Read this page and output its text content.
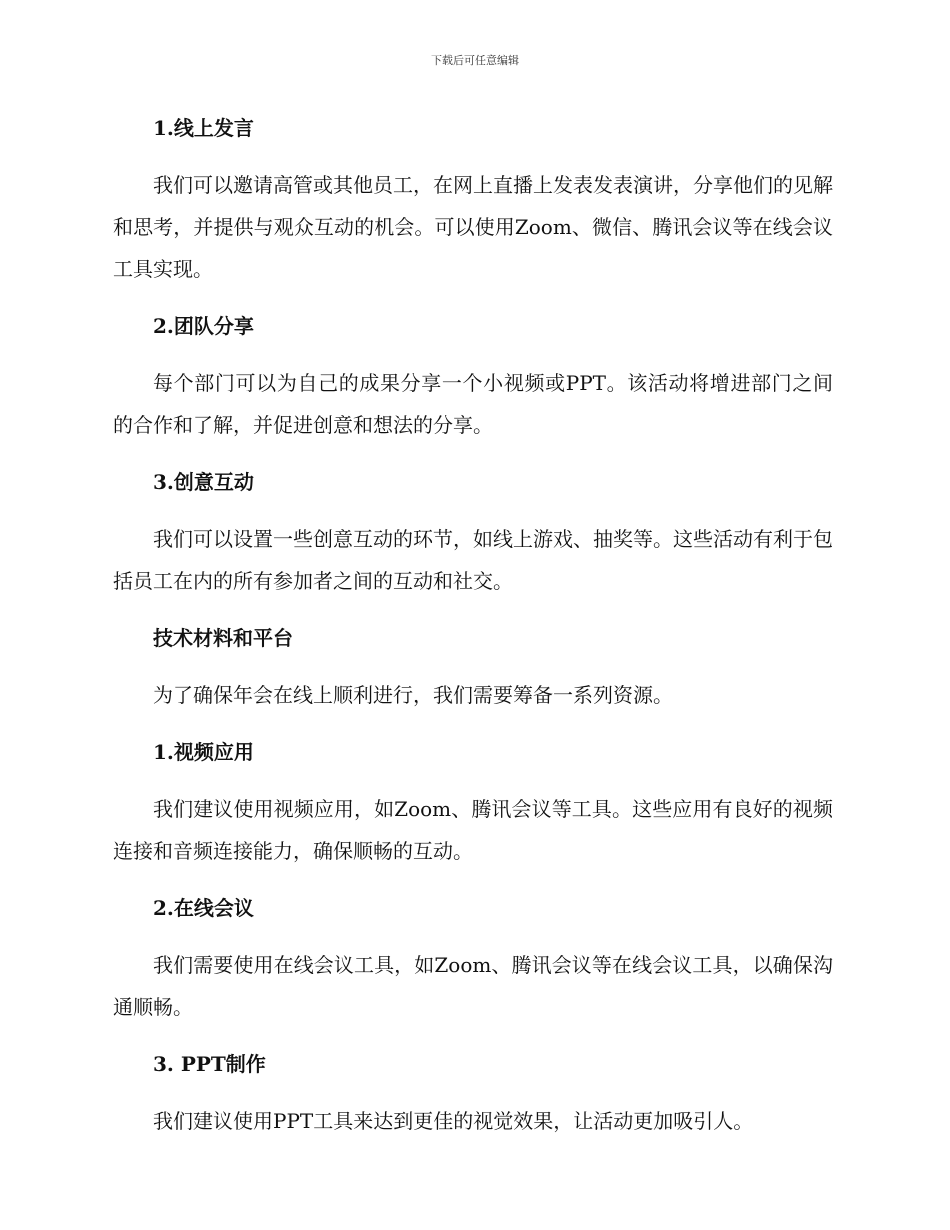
下载后可任意编辑
1.线上发言
我们可以邀请高管或其他员工，在网上直播上发表发表演讲，分享他们的见解和思考，并提供与观众互动的机会。可以使用Zoom、微信、腾讯会议等在线会议工具实现。
2.团队分享
每个部门可以为自己的成果分享一个小视频或PPT。该活动将增进部门之间的合作和了解，并促进创意和想法的分享。
3.创意互动
我们可以设置一些创意互动的环节，如线上游戏、抽奖等。这些活动有利于包括员工在内的所有参加者之间的互动和社交。
技术材料和平台
为了确保年会在线上顺利进行，我们需要筹备一系列资源。
1.视频应用
我们建议使用视频应用，如Zoom、腾讯会议等工具。这些应用有良好的视频连接和音频连接能力，确保顺畅的互动。
2.在线会议
我们需要使用在线会议工具，如Zoom、腾讯会议等在线会议工具，以确保沟通顺畅。
3. PPT制作
我们建议使用PPT工具来达到更佳的视觉效果，让活动更加吸引人。
